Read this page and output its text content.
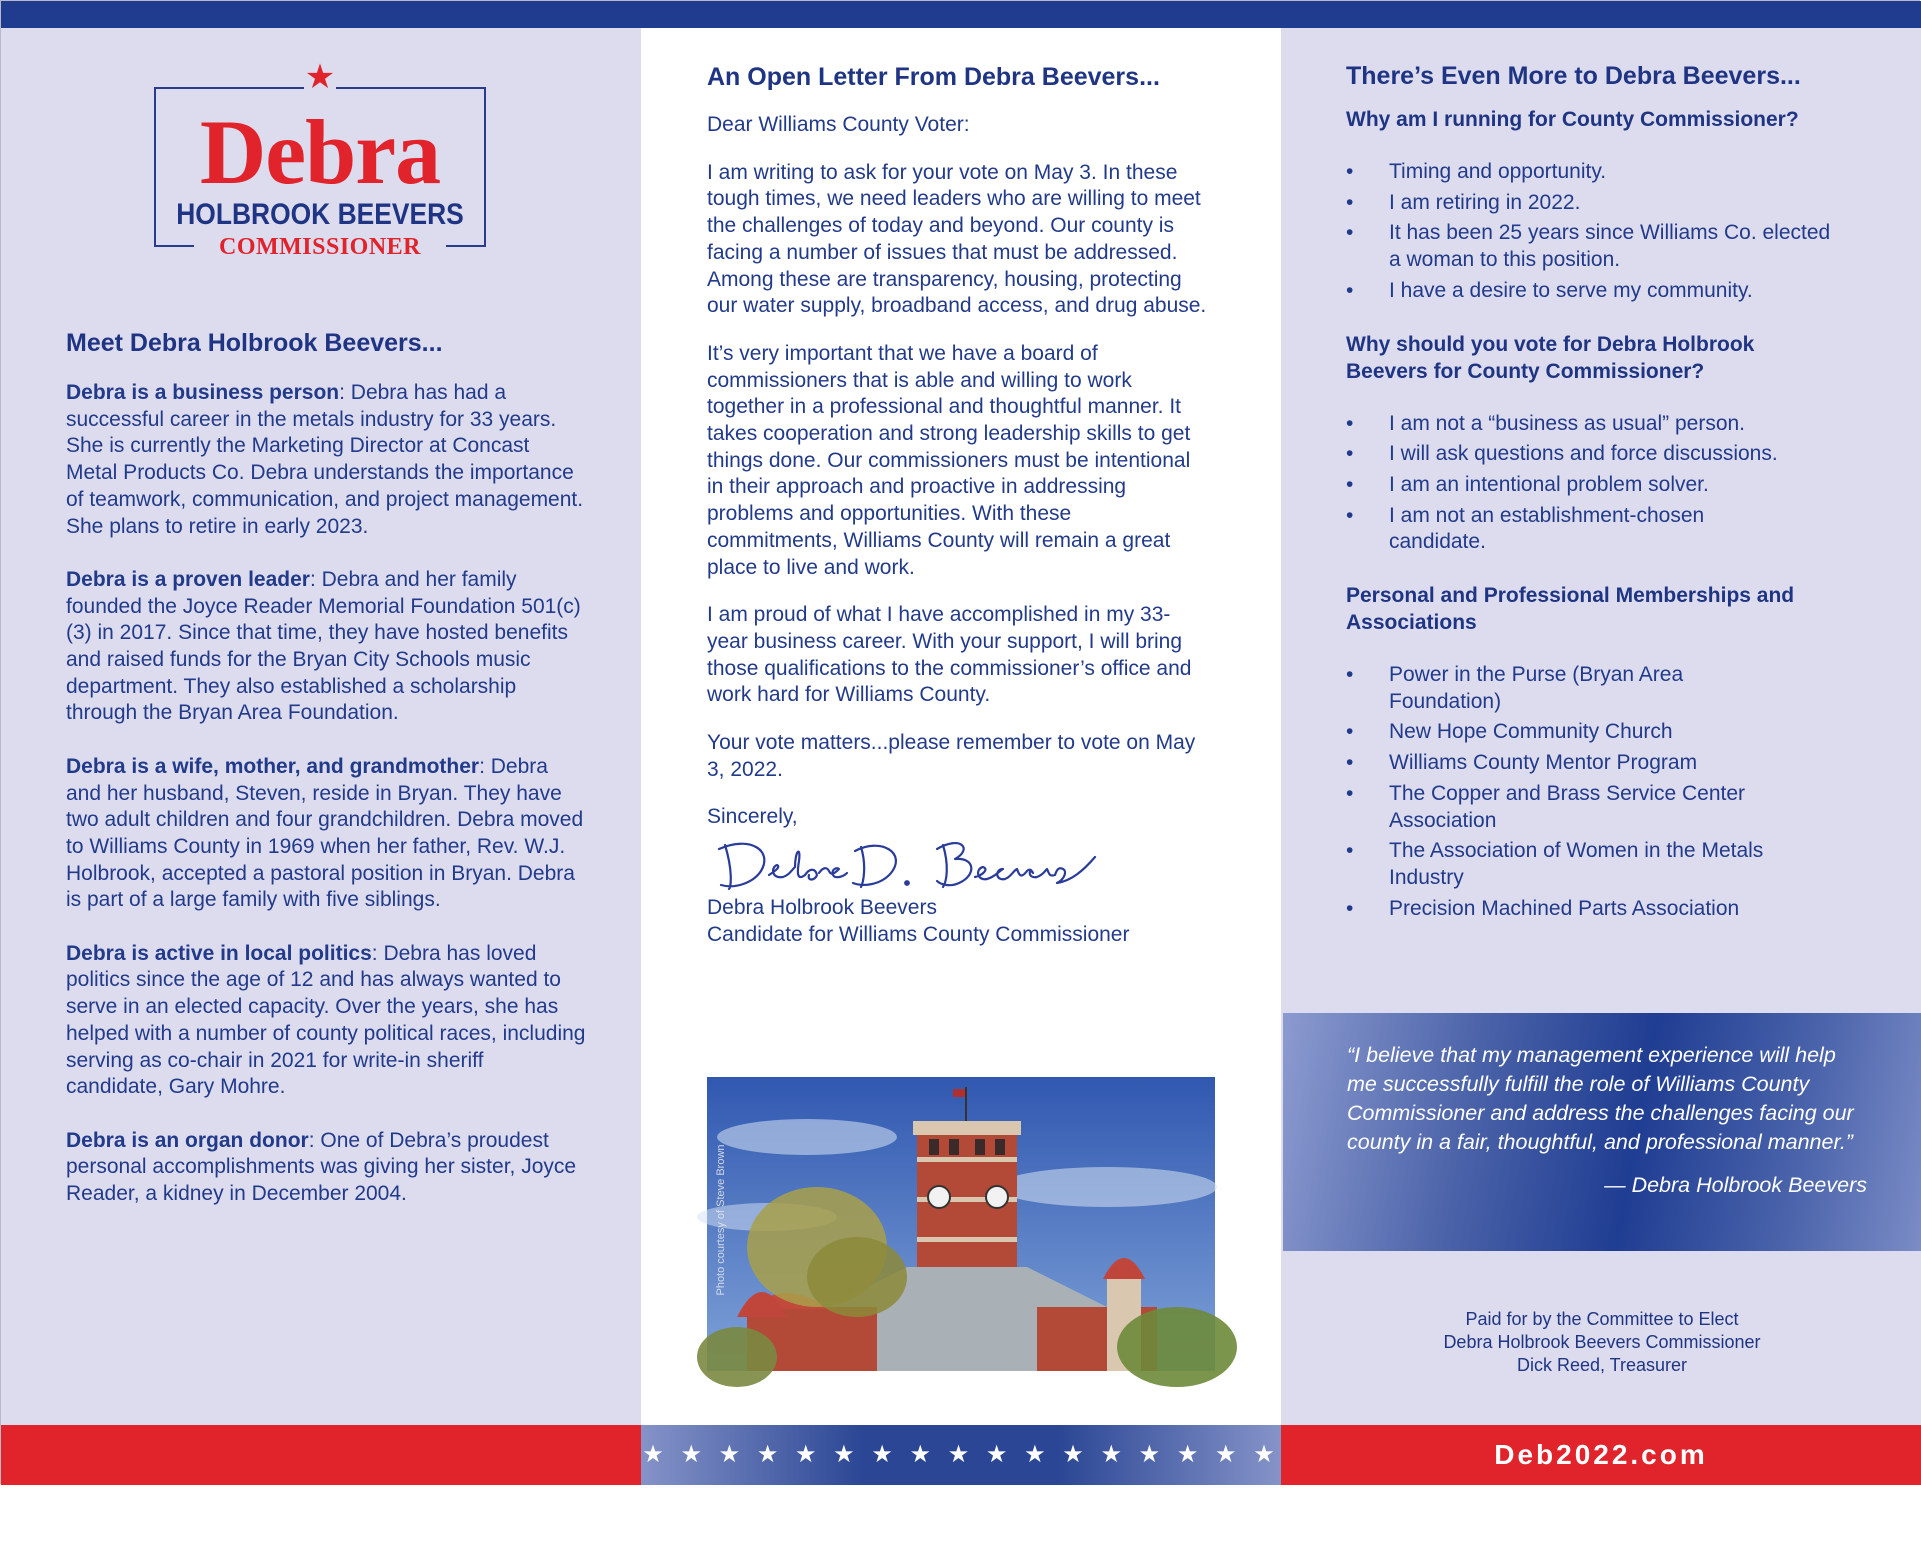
★
Debra
HOLBROOK BEEVERS
COMMISSIONER
Meet Debra Holbrook Beevers...

Debra is a business person: Debra has had a successful career in the metals industry for 33 years. She is currently the Marketing Director at Concast Metal Products Co. Debra understands the importance of teamwork, communication, and project management. She plans to retire in early 2023.

Debra is a proven leader: Debra and her family founded the Joyce Reader Memorial Foundation 501(c)(3) in 2017. Since that time, they have hosted benefits and raised funds for the Bryan City Schools music department. They also established a scholarship through the Bryan Area Foundation.

Debra is a wife, mother, and grandmother: Debra and her husband, Steven, reside in Bryan. They have two adult children and four grandchildren. Debra moved to Williams County in 1969 when her father, Rev. W.J. Holbrook, accepted a pastoral position in Bryan. Debra is part of a large family with five siblings.

Debra is active in local politics: Debra has loved politics since the age of 12 and has always wanted to serve in an elected capacity. Over the years, she has helped with a number of county political races, including serving as co-chair in 2021 for write-in sheriff candidate, Gary Mohre.

Debra is an organ donor: One of Debra’s proudest personal accomplishments was giving her sister, Joyce Reader, a kidney in December 2004.

An Open Letter From Debra Beevers...

Dear Williams County Voter:

I am writing to ask for your vote on May 3. In these tough times, we need leaders who are willing to meet the challenges of today and beyond. Our county is facing a number of issues that must be addressed. Among these are transparency, housing, protecting our water supply, broadband access, and drug abuse.

It’s very important that we have a board of commissioners that is able and willing to work together in a professional and thoughtful manner. It takes cooperation and strong leadership skills to get things done. Our commissioners must be intentional in their approach and proactive in addressing problems and opportunities. With these commitments, Williams County will remain a great place to live and work.

I am proud of what I have accomplished in my 33-year business career. With your support, I will bring those qualifications to the commissioner’s office and work hard for Williams County.

Your vote matters...please remember to vote on May 3, 2022.

Sincerely,

Debra Holbrook Beevers

Candidate for Williams County Commissioner

Photo courtesy of Steve Brown
There’s Even More to Debra Beevers...
Why am I running for County Commissioner?
• Timing and opportunity.
• I am retiring in 2022.
• It has been 25 years since Williams Co. elected a woman to this position.
• I have a desire to serve my community.
Why should you vote for Debra Holbrook Beevers for County Commissioner?
• I am not a “business as usual” person.
• I will ask questions and force discussions.
• I am an intentional problem solver.
• I am not an establishment-chosen candidate.
Personal and Professional Memberships and Associations
• Power in the Purse (Bryan Area Foundation)
• New Hope Community Church
• Williams County Mentor Program
• The Copper and Brass Service Center Association
• The Association of Women in the Metals Industry
• Precision Machined Parts Association

“I believe that my management experience will help me successfully fulfill the role of Williams County Commissioner and address the challenges facing our county in a fair, thoughtful, and professional manner.”

— Debra Holbrook Beevers

Paid for by the Committee to Elect
Debra Holbrook Beevers Commissioner
Dick Reed, Treasurer
★ ★ ★ ★ ★ ★ ★ ★ ★ ★ ★ ★ ★ ★ ★ ★ ★ ★ ★
Deb2022.com
